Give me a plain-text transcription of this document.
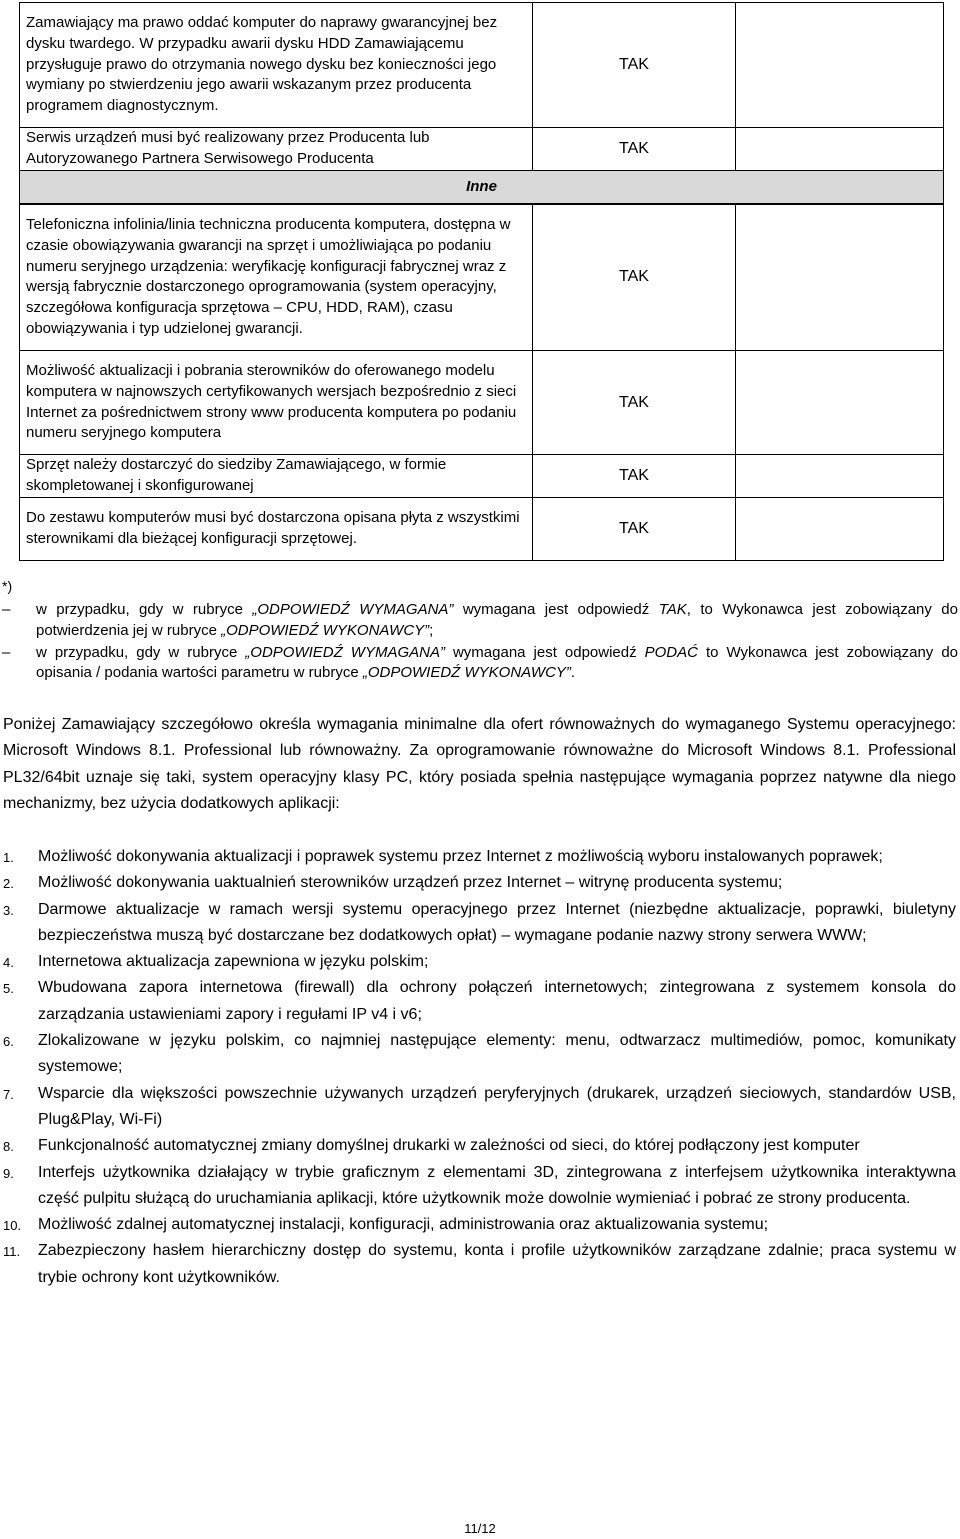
Zamawiający ma prawo oddać komputer do naprawy gwarancyjnej bez dysku twardego. W przypadku awarii dysku HDD Zamawiającemu przysługuje prawo do otrzymania nowego dysku bez konieczności jego wymiany po stwierdzeniu jego awarii wskazanym przez producenta programem diagnostycznym.	TAK	
Serwis urządzeń musi być realizowany przez Producenta lub Autoryzowanego Partnera Serwisowego Producenta	TAK	
Inne		
Telefoniczna infolinia/linia techniczna producenta komputera, dostępna w czasie obowiązywania gwarancji na sprzęt i umożliwiająca po podaniu numeru seryjnego urządzenia: weryfikację konfiguracji fabrycznej wraz z wersją fabrycznie dostarczonego oprogramowania (system operacyjny, szczegółowa konfiguracja sprzętowa – CPU, HDD, RAM), czasu obowiązywania i typ udzielonej gwarancji.	TAK	
Możliwość aktualizacji i pobrania sterowników do oferowanego modelu komputera w najnowszych certyfikowanych wersjach bezpośrednio z sieci Internet za pośrednictwem strony www producenta komputera po podaniu numeru seryjnego komputera	TAK	
Sprzęt należy dostarczyć do siedziby Zamawiającego, w formie skompletowanej i skonfigurowanej	TAK	
Do zestawu komputerów musi być dostarczona opisana płyta z wszystkimi sterownikami dla bieżącej konfiguracji sprzętowej.	TAK	
*)
– w przypadku, gdy w rubryce „ODPOWIEDŹ WYMAGANA” wymagana jest odpowiedź TAK, to Wykonawca jest zobowiązany do potwierdzenia jej w rubryce „ODPOWIEDŹ WYKONAWCY”;
– w przypadku, gdy w rubryce „ODPOWIEDŹ WYMAGANA” wymagana jest odpowiedź PODAĆ to Wykonawca jest zobowiązany do opisania / podania wartości parametru w rubryce „ODPOWIEDŹ WYKONAWCY”.
Poniżej Zamawiający szczegółowo określa wymagania minimalne dla ofert równoważnych do wymaganego Systemu operacyjnego: Microsoft Windows 8.1. Professional lub równoważny. Za oprogramowanie równoważne do Microsoft Windows 8.1. Professional PL32/64bit uznaje się taki, system operacyjny klasy PC, który posiada spełnia następujące wymagania poprzez natywne dla niego mechanizmy, bez użycia dodatkowych aplikacji:
1. Możliwość dokonywania aktualizacji i poprawek systemu przez Internet z możliwością wyboru instalowanych poprawek;
2. Możliwość dokonywania uaktualnień sterowników urządzeń przez Internet – witrynę producenta systemu;
3. Darmowe aktualizacje w ramach wersji systemu operacyjnego przez Internet (niezbędne aktualizacje, poprawki, biuletyny bezpieczeństwa muszą być dostarczane bez dodatkowych opłat) – wymagane podanie nazwy strony serwera WWW;
4. Internetowa aktualizacja zapewniona w języku polskim;
5. Wbudowana zapora internetowa (firewall) dla ochrony połączeń internetowych; zintegrowana z systemem konsola do zarządzania ustawieniami zapory i regułami IP v4 i v6;
6. Zlokalizowane w języku polskim, co najmniej następujące elementy: menu, odtwarzacz multimediów, pomoc, komunikaty systemowe;
7. Wsparcie dla większości powszechnie używanych urządzeń peryferyjnych (drukarek, urządzeń sieciowych, standardów USB, Plug&Play, Wi-Fi)
8. Funkcjonalność automatycznej zmiany domyślnej drukarki w zależności od sieci, do której podłączony jest komputer
9. Interfejs użytkownika działający w trybie graficznym z elementami 3D, zintegrowana z interfejsem użytkownika interaktywna część pulpitu służącą do uruchamiania aplikacji, które użytkownik może dowolnie wymieniać i pobrać ze strony producenta.
10. Możliwość zdalnej automatycznej instalacji, konfiguracji, administrowania oraz aktualizowania systemu;
11. Zabezpieczony hasłem hierarchiczny dostęp do systemu, konta i profile użytkowników zarządzane zdalnie; praca systemu w trybie ochrony kont użytkowników.
11/12
